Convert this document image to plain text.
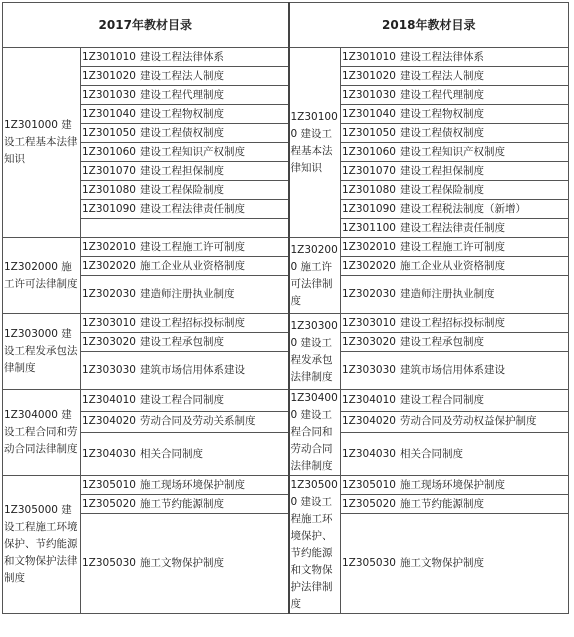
2017年教材目录		2018年教材目录	
1Z301000 建设工程基本法律知识	1Z301010 建设工程法律体系	1Z301000 建设工程基本法律知识	1Z301010 建设工程法律体系
	1Z301020 建设工程法人制度		1Z301020 建设工程法人制度
	1Z301030 建设工程代理制度		1Z301030 建设工程代理制度
	1Z301040 建设工程物权制度		1Z301040 建设工程物权制度
	1Z301050 建设工程债权制度		1Z301050 建设工程债权制度
	1Z301060 建设工程知识产权制度		1Z301060 建设工程知识产权制度
	1Z301070 建设工程担保制度		1Z301070 建设工程担保制度
	1Z301080 建设工程保险制度		1Z301080 建设工程保险制度
	1Z301090 建设工程法律责任制度		1Z301090 建设工程税法制度（新增）
			1Z301100 建设工程法律责任制度
1Z302000 施工许可法律制度	1Z302010 建设工程施工许可制度	1Z302000 施工许可法律制度	1Z302010 建设工程施工许可制度
	1Z302020 施工企业从业资格制度		1Z302020 施工企业从业资格制度
	1Z302030 建造师注册执业制度		1Z302030 建造师注册执业制度
1Z303000 建设工程发承包法律制度	1Z303010 建设工程招标投标制度	1Z303000 建设工程发承包法律制度	1Z303010 建设工程招标投标制度
	1Z303020 建设工程承包制度		1Z303020 建设工程承包制度
	1Z303030 建筑市场信用体系建设		1Z303030 建筑市场信用体系建设
1Z304000 建设工程合同和劳动合同法律制度	1Z304010 建设工程合同制度	1Z304000 建设工程合同和劳动合同法律制度	1Z304010 建设工程合同制度
	1Z304020 劳动合同及劳动关系制度		1Z304020 劳动合同及劳动权益保护制度
	1Z304030 相关合同制度		1Z304030 相关合同制度
1Z305000 建设工程施工环境保护、节约能源和文物保护法律制度	1Z305010 施工现场环境保护制度	1Z305000 建设工程施工环境保护、节约能源和文物保护法律制度	1Z305010 施工现场环境保护制度
	1Z305020 施工节约能源制度		1Z305020 施工节约能源制度
	1Z305030 施工文物保护制度		1Z305030 施工文物保护制度
